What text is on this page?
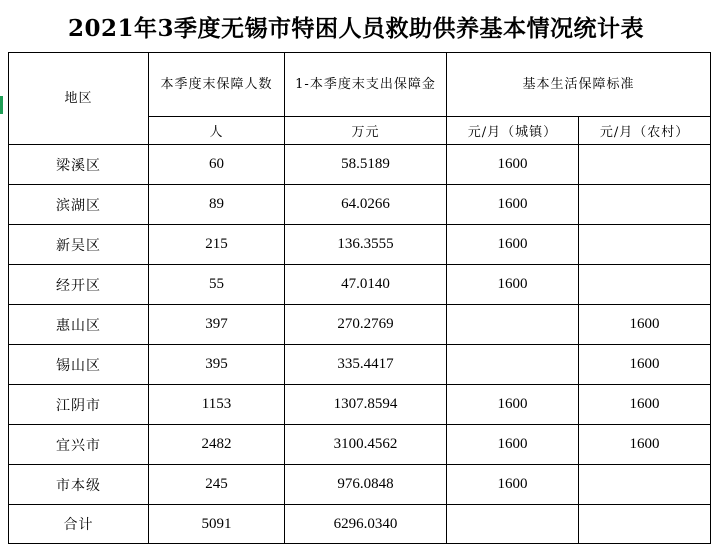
2021年3季度无锡市特困人员救助供养基本情况统计表
地区	本季度末保障人数	1-本季度末支出保障金	基本生活保障标准	
	人	万元	元/月（城镇）	元/月（农村）
梁溪区	60	58.5189	1600	
滨湖区	89	64.0266	1600	
新吴区	215	136.3555	1600	
经开区	55	47.0140	1600	
惠山区	397	270.2769		1600
锡山区	395	335.4417		1600
江阴市	1153	1307.8594	1600	1600
宜兴市	2482	3100.4562	1600	1600
市本级	245	976.0848	1600	
合计	5091	6296.0340		
